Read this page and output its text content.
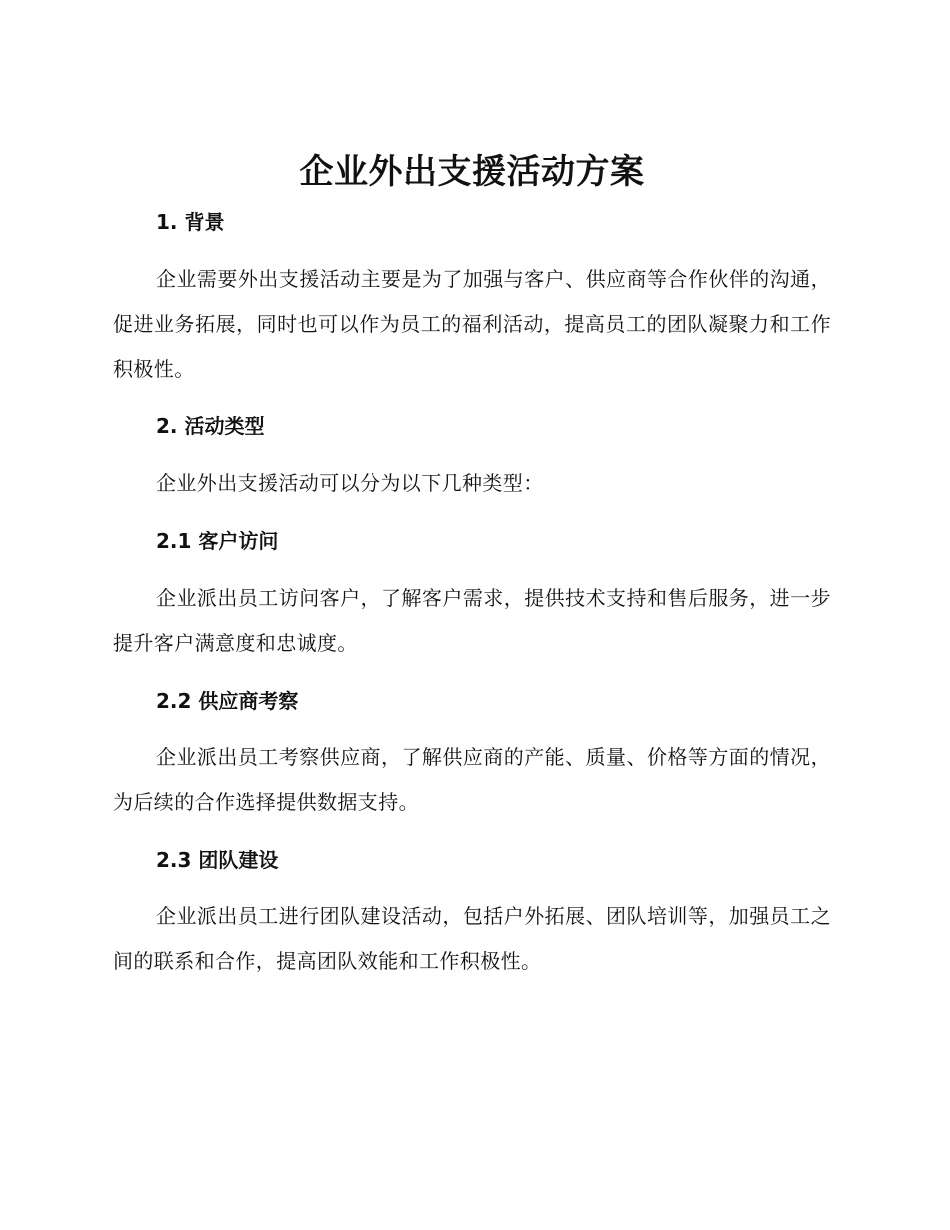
企业外出支援活动方案
1. 背景

企业需要外出支援活动主要是为了加强与客户、供应商等合作伙伴的沟通，促进业务拓展，同时也可以作为员工的福利活动，提高员工的团队凝聚力和工作积极性。

2. 活动类型

企业外出支援活动可以分为以下几种类型：

2.1 客户访问

企业派出员工访问客户，了解客户需求，提供技术支持和售后服务，进一步提升客户满意度和忠诚度。

2.2 供应商考察

企业派出员工考察供应商，了解供应商的产能、质量、价格等方面的情况，为后续的合作选择提供数据支持。

2.3 团队建设

企业派出员工进行团队建设活动，包括户外拓展、团队培训等，加强员工之间的联系和合作，提高团队效能和工作积极性。
